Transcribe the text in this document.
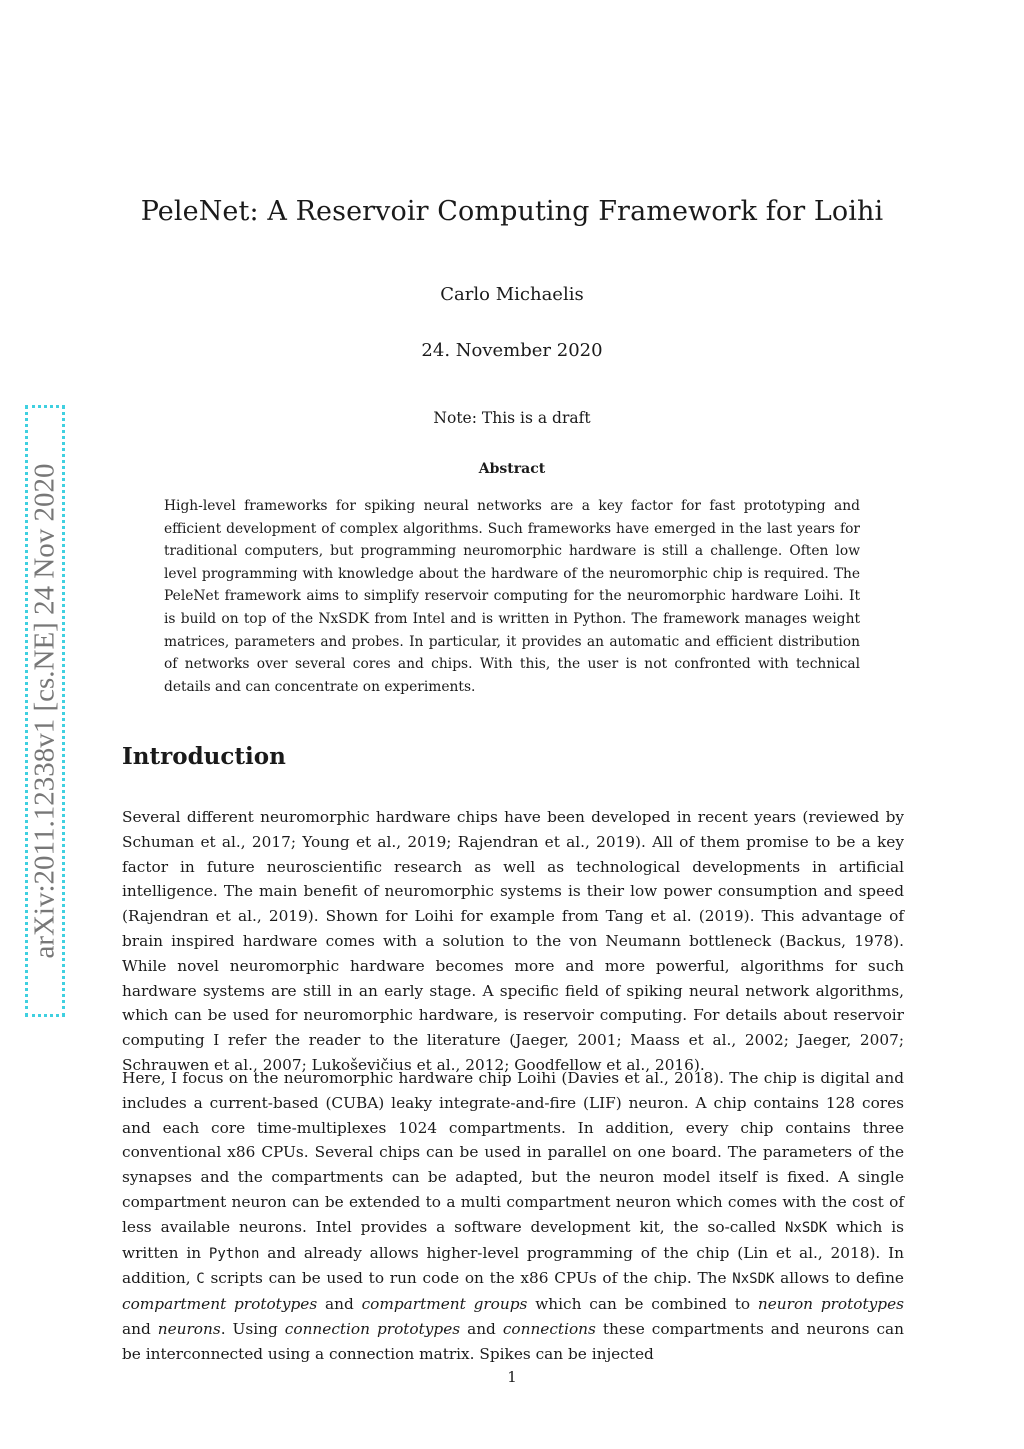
arXiv:2011.12338v1 [cs.NE] 24 Nov 2020
PeleNet: A Reservoir Computing Framework for Loihi
Carlo Michaelis
24. November 2020
Note: This is a draft
Abstract

High-level frameworks for spiking neural networks are a key factor for fast prototyping and efficient development of complex algorithms. Such frameworks have emerged in the last years for traditional computers, but programming neuromorphic hardware is still a challenge. Often low level programming with knowledge about the hardware of the neuromorphic chip is required. The PeleNet framework aims to simplify reservoir computing for the neuromorphic hardware Loihi. It is build on top of the NxSDK from Intel and is written in Python. The framework manages weight matrices, parameters and probes. In particular, it provides an automatic and efficient distribution of networks over several cores and chips. With this, the user is not confronted with technical details and can concentrate on experiments.

Introduction

Several different neuromorphic hardware chips have been developed in recent years (reviewed by Schuman et al., 2017; Young et al., 2019; Rajendran et al., 2019). All of them promise to be a key factor in future neuroscientific research as well as technological developments in artificial intelligence. The main benefit of neuromorphic systems is their low power consumption and speed (Rajendran et al., 2019). Shown for Loihi for example from Tang et al. (2019). This advantage of brain inspired hardware comes with a solution to the von Neumann bottleneck (Backus, 1978). While novel neuromorphic hardware becomes more and more powerful, algorithms for such hardware systems are still in an early stage. A specific field of spiking neural network algorithms, which can be used for neuromorphic hardware, is reservoir computing. For details about reservoir computing I refer the reader to the literature (Jaeger, 2001; Maass et al., 2002; Jaeger, 2007; Schrauwen et al., 2007; Lukoševičius et al., 2012; Goodfellow et al., 2016).

Here, I focus on the neuromorphic hardware chip Loihi (Davies et al., 2018). The chip is digital and includes a current-based (CUBA) leaky integrate-and-fire (LIF) neuron. A chip contains 128 cores and each core time-multiplexes 1024 compartments. In addition, every chip contains three conventional x86 CPUs. Several chips can be used in parallel on one board. The parameters of the synapses and the compartments can be adapted, but the neuron model itself is fixed. A single compartment neuron can be extended to a multi compartment neuron which comes with the cost of less available neurons. Intel provides a software development kit, the so-called NxSDK which is written in Python and already allows higher-level programming of the chip (Lin et al., 2018). In addition, C scripts can be used to run code on the x86 CPUs of the chip. The NxSDK allows to define compartment prototypes and compartment groups which can be combined to neuron prototypes and neurons. Using connection prototypes and connections these compartments and neurons can be interconnected using a connection matrix. Spikes can be injected

1
